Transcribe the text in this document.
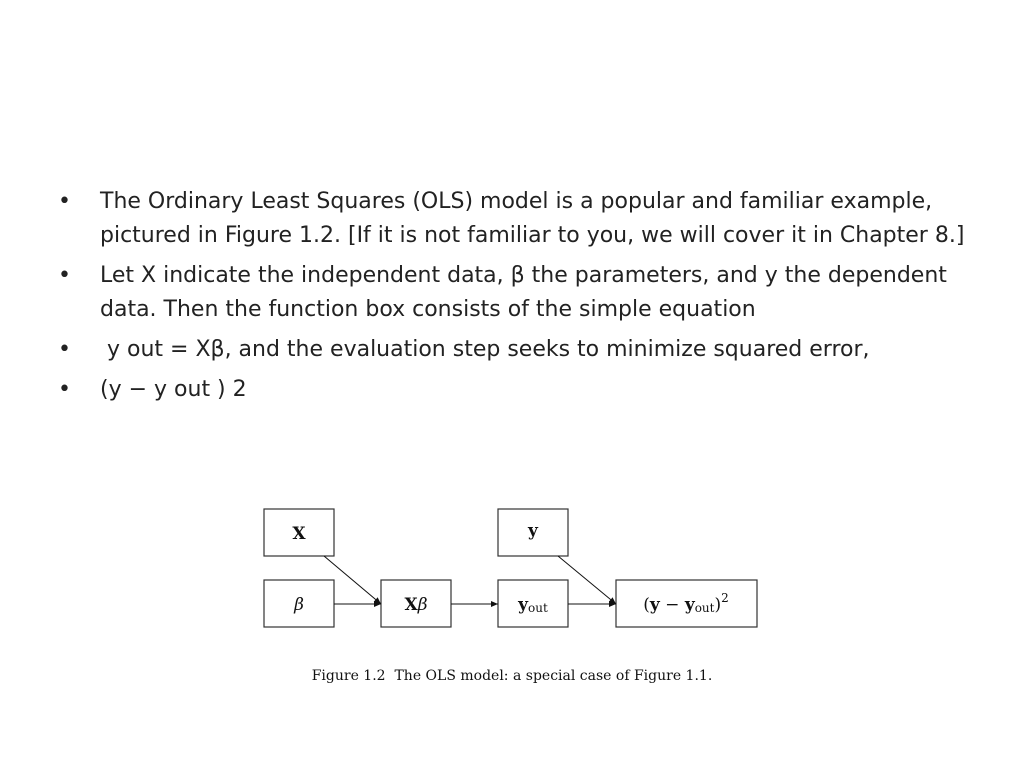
•	The Ordinary Least Squares (OLS) model is a popular and familiar example, pictured in Figure 1.2. [If it is not familiar to you, we will cover it in Chapter 8.]
•	Let X indicate the independent data, β the parameters, and y the dependent data. Then the function box consists of the simple equation
•	y out = Xβ, and the evaluation step seeks to minimize squared error,
•	(y − y out ) 2
X
β	Xβ
y
yout	(y − yout)$^2$
Figure 1.2  The OLS model: a special case of Figure 1.1.
